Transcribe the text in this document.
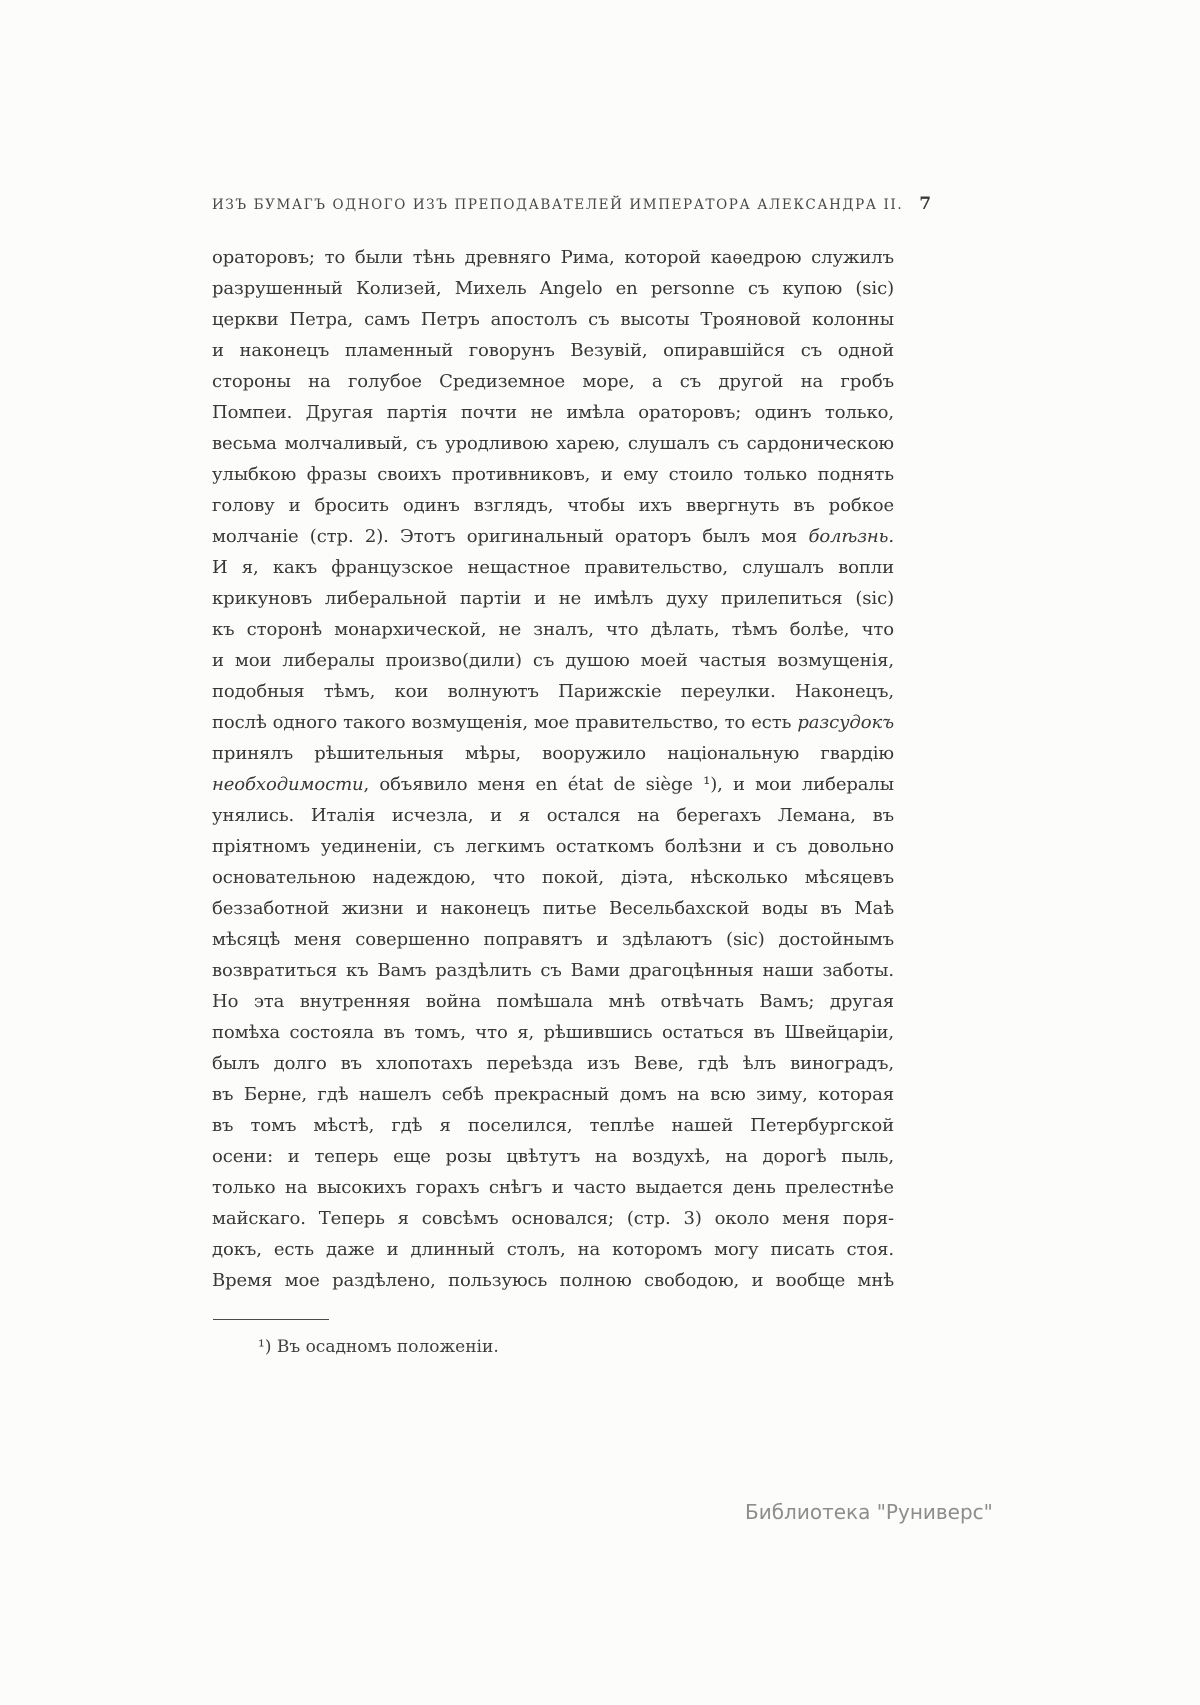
ИЗЪ БУМАГЪ ОДНОГО ИЗЪ ПРЕПОДАВАТЕЛЕЙ ИМПЕРАТОРА АЛЕКСАНДРА II. 7
ораторовъ; то были тѣнь древняго Рима, которой каѳедрою служилъ
разрушенный Колизей, Михель Angelo en personne съ купою (sic)
церкви Петра, самъ Петръ апостолъ съ высоты Трояновой колонны
и наконецъ пламенный говорунъ Везувій, опиравшійся съ одной
стороны на голубое Средиземное море, а съ другой на гробъ
Помпеи. Другая партія почти не имѣла ораторовъ; одинъ только,
весьма молчаливый, съ уродливою харею, слушалъ съ сардоническою
улыбкою фразы своихъ противниковъ, и ему стоило только поднять
голову и бросить одинъ взглядъ, чтобы ихъ ввергнуть въ робкое
молчаніе (стр. 2). Этотъ оригинальный ораторъ былъ моя болѣзнь.
И я, какъ французское нещастное правительство, слушалъ вопли
крикуновъ либеральной партіи и не имѣлъ духу прилепиться (sic)
къ сторонѣ монархической, не зналъ, что дѣлать, тѣмъ болѣе, что
и мои либералы произво(дили) съ душою моей частыя возмущенія,
подобныя тѣмъ, кои волнуютъ Парижскіе переулки. Наконецъ,
послѣ одного такого возмущенія, мое правительство, то есть разсудокъ
принялъ рѣшительныя мѣры, вооружило національную гвардію
необходимости, объявило меня en état de siège ¹), и мои либералы
унялись. Италія исчезла, и я остался на берегахъ Лемана, въ
пріятномъ уединеніи, съ легкимъ остаткомъ болѣзни и съ довольно
основательною надеждою, что покой, діэта, нѣсколько мѣсяцевъ
беззаботной жизни и наконецъ питье Весельбахской воды въ Маѣ
мѣсяцѣ меня совершенно поправятъ и здѣлаютъ (sic) достойнымъ
возвратиться къ Вамъ раздѣлить съ Вами драгоцѣнныя наши заботы.
Но эта внутренняя война помѣшала мнѣ отвѣчать Вамъ; другая
помѣха состояла въ томъ, что я, рѣшившись остаться въ Швейцаріи,
былъ долго въ хлопотахъ переѣзда изъ Веве, гдѣ ѣлъ виноградъ,
въ Берне, гдѣ нашелъ себѣ прекрасный домъ на всю зиму, которая
въ томъ мѣстѣ, гдѣ я поселился, теплѣе нашей Петербургской
осени: и теперь еще розы цвѣтутъ на воздухѣ, на дорогѣ пыль,
только на высокихъ горахъ снѣгъ и часто выдается день прелестнѣе
майскаго. Теперь я совсѣмъ основался; (стр. 3) около меня поря-
докъ, есть даже и длинный столъ, на которомъ могу писать стоя.
Время мое раздѣлено, пользуюсь полною свободою, и вообще мнѣ
¹) Въ осадномъ положеніи.
Библиотека "Руниверс"
